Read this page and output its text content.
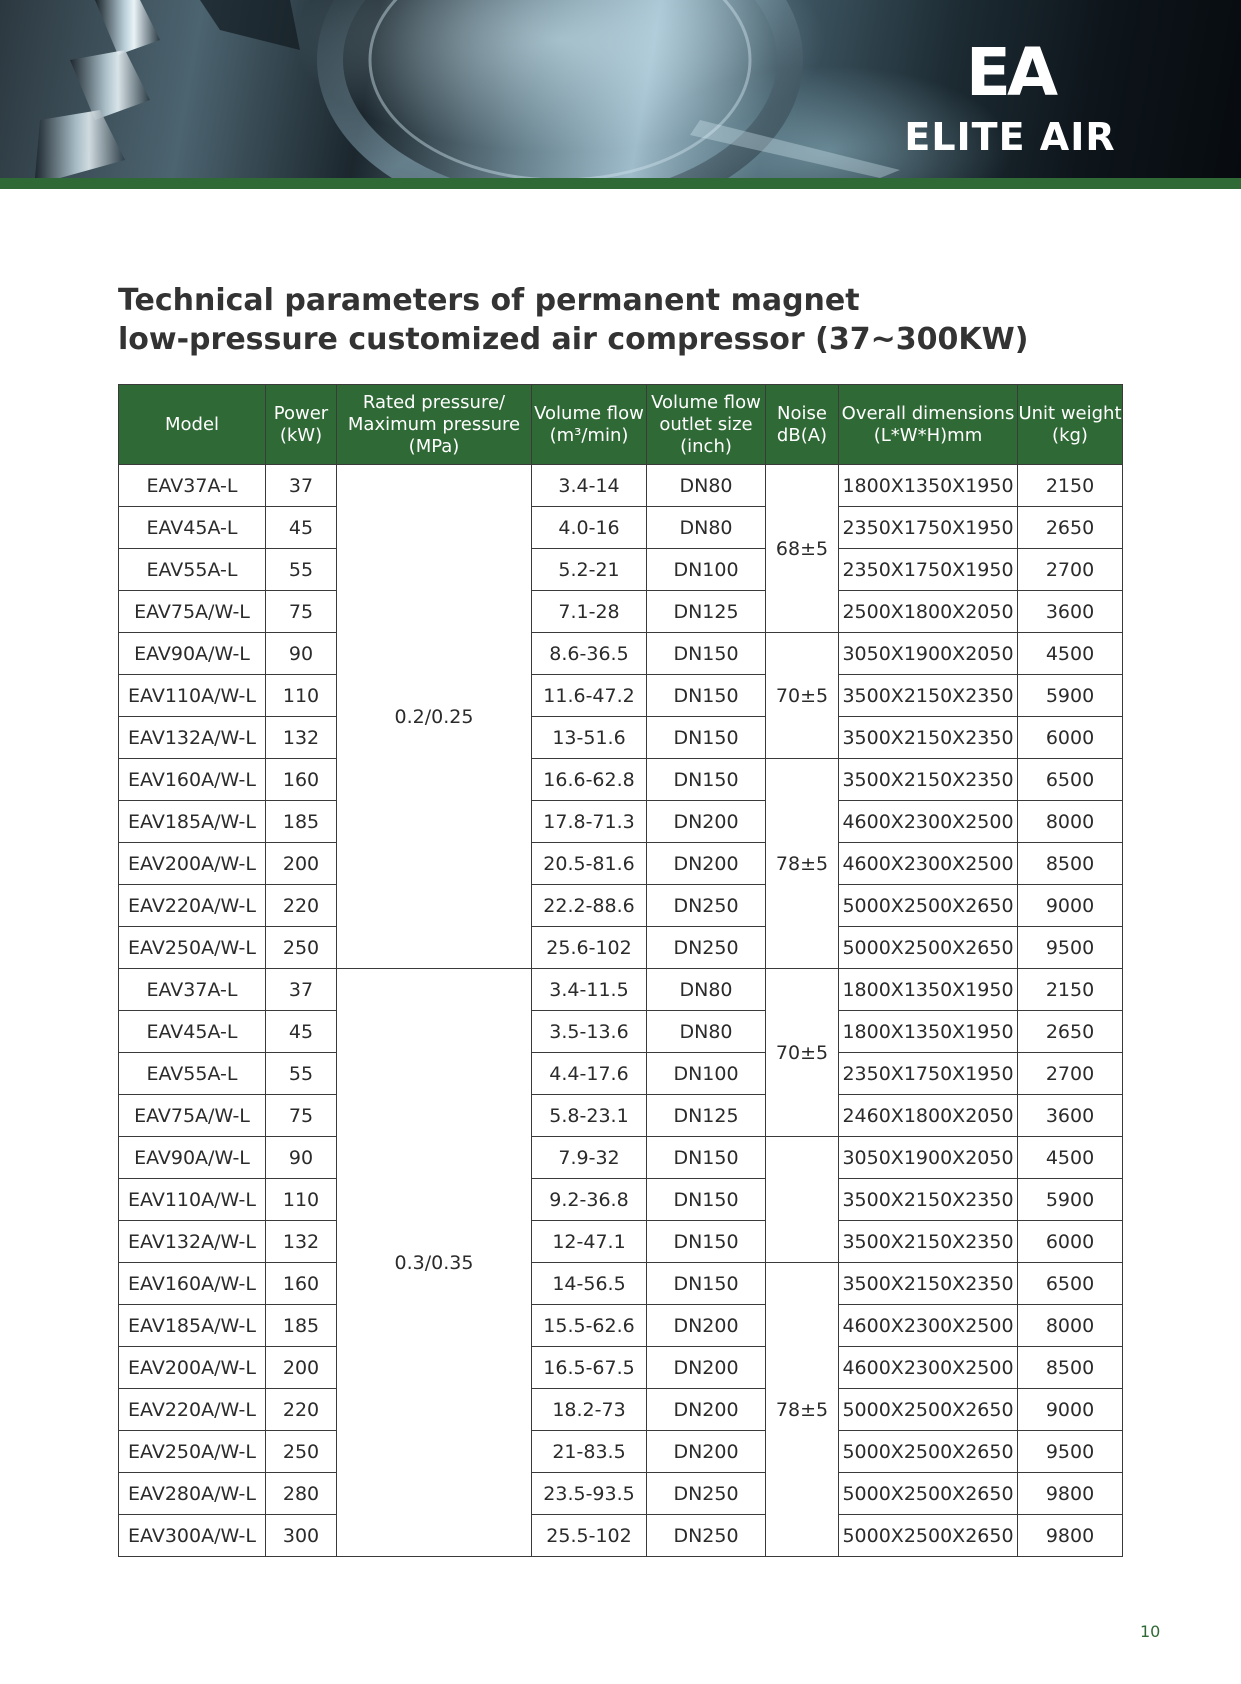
EA
ELITE AIR
Technical parameters of permanent magnet
low-pressure customized air compressor (37~300KW)
Model	Power (kW)	Rated pressure/ Maximum pressure (MPa)	Volume flow (m³/min)	Volume flow outlet size (inch)	Noise dB(A)	Overall dimensions (L*W*H)mm	Unit weight (kg)
EAV37A-L	37	0.2/0.25	3.4-14	DN80	68±5	1800X1350X1950	2150
EAV45A-L	45		4.0-16	DN80		2350X1750X1950	2650
EAV55A-L	55		5.2-21	DN100		2350X1750X1950	2700
EAV75A/W-L	75		7.1-28	DN125		2500X1800X2050	3600
EAV90A/W-L	90		8.6-36.5	DN150	70±5	3050X1900X2050	4500
EAV110A/W-L	110		11.6-47.2	DN150		3500X2150X2350	5900
EAV132A/W-L	132		13-51.6	DN150		3500X2150X2350	6000
EAV160A/W-L	160		16.6-62.8	DN150	78±5	3500X2150X2350	6500
EAV185A/W-L	185		17.8-71.3	DN200		4600X2300X2500	8000
EAV200A/W-L	200		20.5-81.6	DN200		4600X2300X2500	8500
EAV220A/W-L	220		22.2-88.6	DN250		5000X2500X2650	9000
EAV250A/W-L	250		25.6-102	DN250		5000X2500X2650	9500
EAV37A-L	37	0.3/0.35	3.4-11.5	DN80	70±5	1800X1350X1950	2150
EAV45A-L	45		3.5-13.6	DN80		1800X1350X1950	2650
EAV55A-L	55		4.4-17.6	DN100		2350X1750X1950	2700
EAV75A/W-L	75		5.8-23.1	DN125		2460X1800X2050	3600
EAV90A/W-L	90		7.9-32	DN150		3050X1900X2050	4500
EAV110A/W-L	110		9.2-36.8	DN150		3500X2150X2350	5900
EAV132A/W-L	132		12-47.1	DN150		3500X2150X2350	6000
EAV160A/W-L	160		14-56.5	DN150	78±5	3500X2150X2350	6500
EAV185A/W-L	185		15.5-62.6	DN200		4600X2300X2500	8000
EAV200A/W-L	200		16.5-67.5	DN200		4600X2300X2500	8500
EAV220A/W-L	220		18.2-73	DN200		5000X2500X2650	9000
EAV250A/W-L	250		21-83.5	DN200		5000X2500X2650	9500
EAV280A/W-L	280		23.5-93.5	DN250		5000X2500X2650	9800
EAV300A/W-L	300		25.5-102	DN250		5000X2500X2650	9800
10
